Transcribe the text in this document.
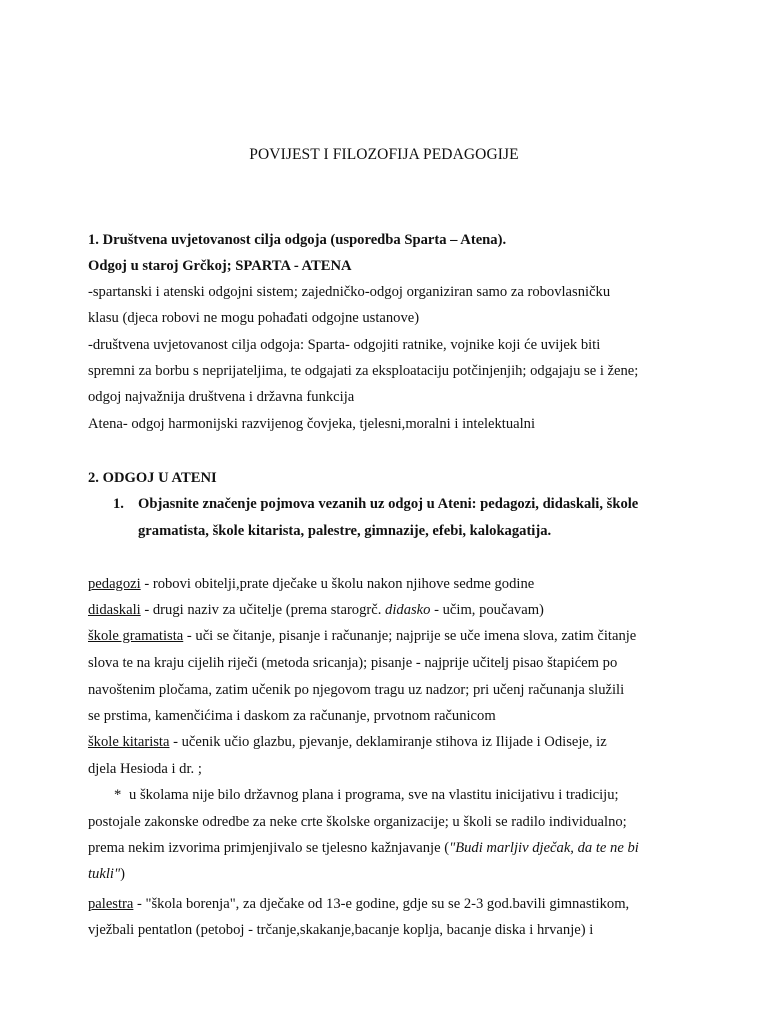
POVIJEST I FILOZOFIJA PEDAGOGIJE
1. Društvena uvjetovanost cilja odgoja (usporedba Sparta – Atena).
Odgoj u staroj Grčkoj; SPARTA - ATENA
-spartanski i atenski odgojni sistem; zajedničko-odgoj organiziran samo za robovlasničku
klasu (djeca robovi ne mogu pohađati odgojne ustanove)
-društvena uvjetovanost cilja odgoja: Sparta- odgojiti ratnike, vojnike koji će uvijek biti
spremni za borbu s neprijateljima, te odgajati za eksploataciju potčinjenjih; odgajaju se i žene;
odgoj najvažnija društvena i državna funkcija
Atena- odgoj harmonijski razvijenog čovjeka, tjelesni,moralni i intelektualni
2. ODGOJ U ATENI
1. Objasnite značenje pojmova vezanih uz odgoj u Ateni: pedagozi, didaskali, škole
gramatista, škole kitarista, palestre, gimnazije, efebi, kalokagatija.
pedagozi - robovi obitelji,prate dječake u školu nakon njihove sedme godine
didaskali - drugi naziv za učitelje (prema starogrč. didasko - učim, poučavam)
škole gramatista - uči se čitanje, pisanje i računanje; najprije se uče imena slova, zatim čitanje
slova te na kraju cijelih riječi (metoda sricanja); pisanje - najprije učitelj pisao štapićem po
navoštenim pločama, zatim učenik po njegovom tragu uz nadzor; pri učenj računanja služili
se prstima, kamenčićima i daskom za računanje, prvotnom računicom
škole kitarista - učenik učio glazbu, pjevanje, deklamiranje stihova iz Ilijade i Odiseje, iz
djela Hesioda i dr. ;
* u školama nije bilo državnog plana i programa, sve na vlastitu inicijativu i tradiciju;
postojale zakonske odredbe za neke crte školske organizacije; u školi se radilo individualno;
prema nekim izvorima primjenjivalo se tjelesno kažnjavanje ("Budi marljiv dječak, da te ne bi
tukli")
palestra - "škola borenja", za dječake od 13-e godine, gdje su se 2-3 god.bavili gimnastikom,
vježbali pentatlon (petoboj - trčanje,skakanje,bacanje koplja, bacanje diska i hrvanje) i
